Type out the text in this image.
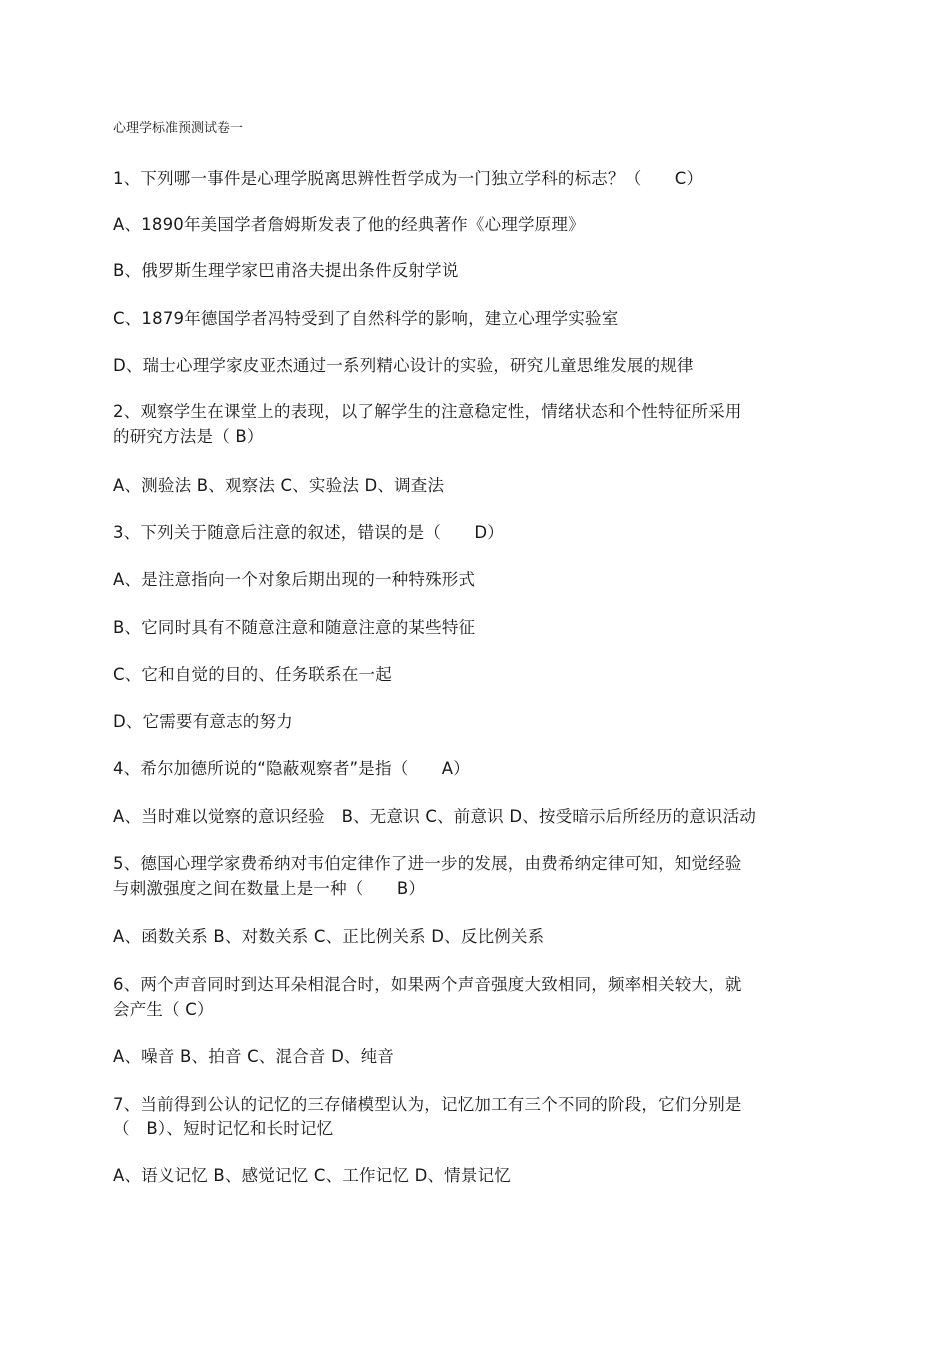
心理学标准预测试卷一
1、下列哪一事件是心理学脱离思辨性哲学成为一门独立学科的标志？（　　C）
A、1890年美国学者詹姆斯发表了他的经典著作《心理学原理》
B、俄罗斯生理学家巴甫洛夫提出条件反射学说
C、1879年德国学者冯特受到了自然科学的影响，建立心理学实验室
D、瑞士心理学家皮亚杰通过一系列精心设计的实验，研究儿童思维发展的规律
2、观察学生在课堂上的表现，以了解学生的注意稳定性，情绪状态和个性特征所采用
的研究方法是（ B）
A、测验法 B、观察法 C、实验法 D、调查法
3、下列关于随意后注意的叙述，错误的是（　　D）
A、是注意指向一个对象后期出现的一种特殊形式
B、它同时具有不随意注意和随意注意的某些特征
C、它和自觉的目的、任务联系在一起
D、它需要有意志的努力
4、希尔加德所说的“隐蔽观察者”是指（　　A）
A、当时难以觉察的意识经验　B、无意识 C、前意识 D、按受暗示后所经历的意识活动
5、德国心理学家费希纳对韦伯定律作了进一步的发展，由费希纳定律可知，知觉经验
与刺激强度之间在数量上是一种（　　B）
A、函数关系 B、对数关系 C、正比例关系 D、反比例关系
6、两个声音同时到达耳朵相混合时，如果两个声音强度大致相同，频率相关较大，就
会产生（ C）
A、噪音 B、拍音 C、混合音 D、纯音
7、当前得到公认的记忆的三存储模型认为，记忆加工有三个不同的阶段，它们分别是
（　B）、短时记忆和长时记忆
A、语义记忆 B、感觉记忆 C、工作记忆 D、情景记忆
